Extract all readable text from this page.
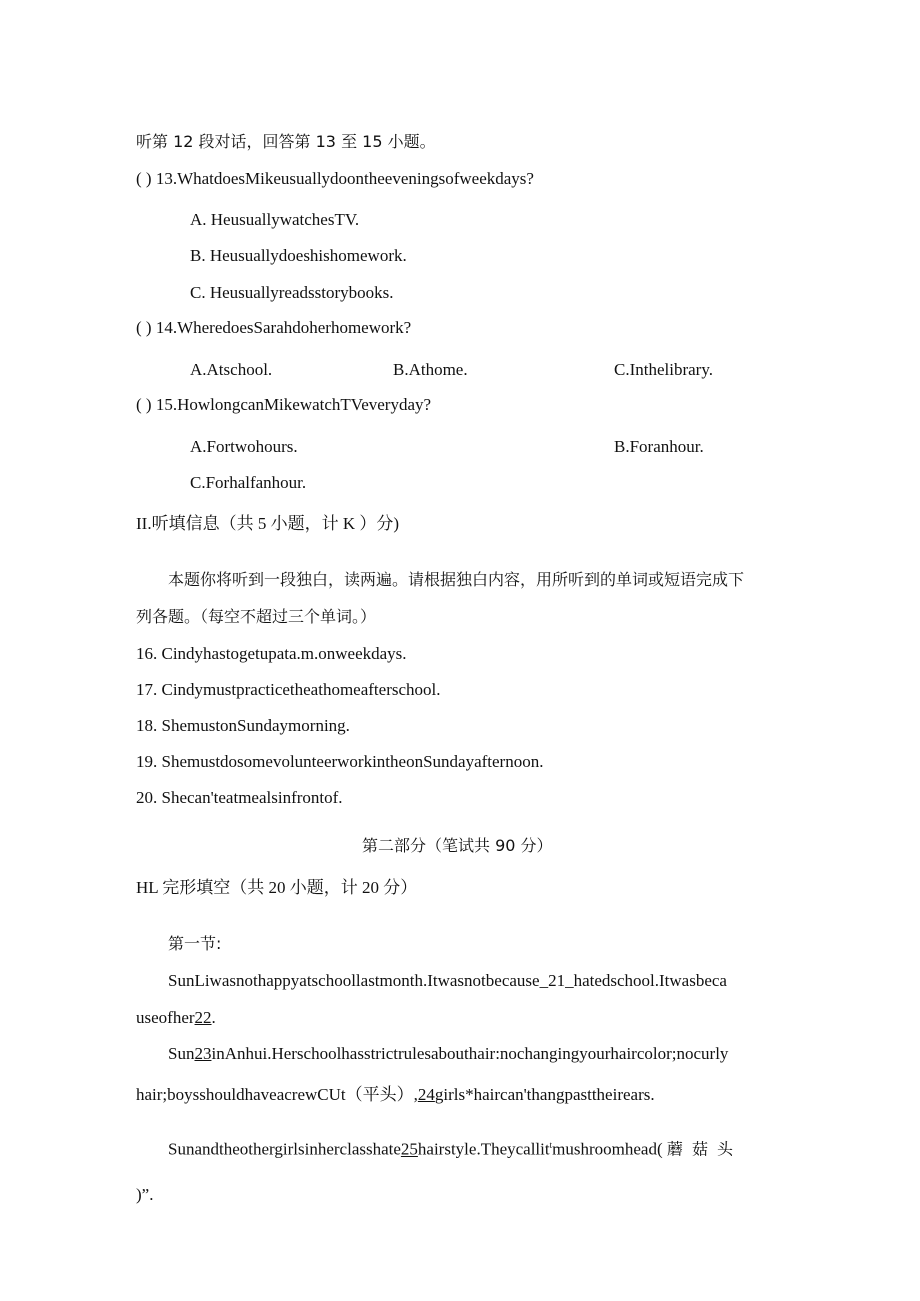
听第 12 段对话，回答第 13 至 15 小题。
( ) 13.WhatdoesMikeusuallydoontheeveningsofweekdays?
A. HeusuallywatchesTV.
B. Heusuallydoeshishomework.
C. Heusuallyreadsstorybooks.
( ) 14.WheredoesSarahdoherhomework?
A.Atschool.	B.Athome.	C.Inthelibrary.
( ) 15.HowlongcanMikewatchTVeveryday?
A.Fortwohours.	B.Foranhour.
C.Forhalfanhour.
II.听填信息（共 5 小题，计 K ）分)
本题你将听到一段独白，读两遍。请根据独白内容，用所听到的单词或短语完成下
列各题。（每空不超过三个单词。）
16. Cindyhastogetupata.m.onweekdays.
17. Cindymustpracticetheathomeafterschool.
18. ShemustonSundaymorning.
19. ShemustdosomevolunteerworkintheonSundayafternoon.
20. Shecan'teatmealsinfrontof.
第二部分（笔试共 90 分）
HL 完形填空（共 20 小题，计 20 分）
第一节:
SunLiwasnothappyatschoollastmonth.Itwasnotbecause_21_hatedschool.Itwasbeca
useofher22.
Sun23inAnhui.Herschoolhasstrictrulesabouthair:nochangingyourhaircolor;nocurly
hair;boysshouldhaveacrewCUt（平头）,24girls*haircan'thangpasttheirears.
Sunandtheothergirlsinherclasshate25hairstyle.Theycallit$^t$mushroomhead( 蘑 菇 头
)”.
